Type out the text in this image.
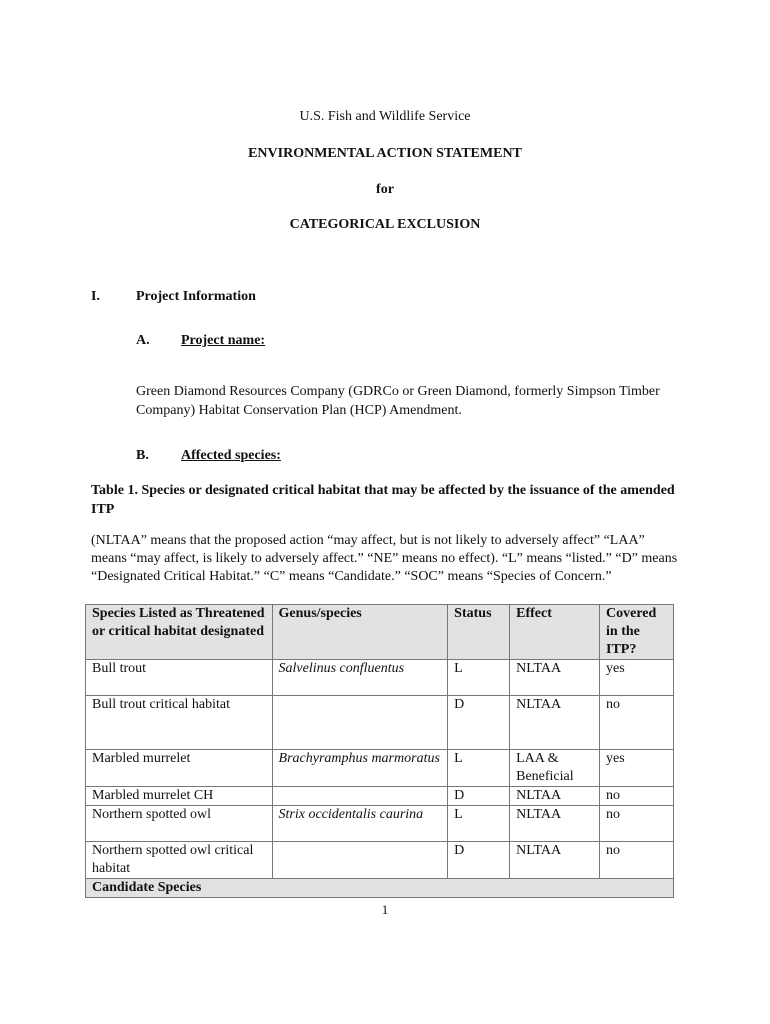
U.S. Fish and Wildlife Service
ENVIRONMENTAL ACTION STATEMENT
for
CATEGORICAL EXCLUSION
I.	Project Information
A. Project name:
Green Diamond Resources Company (GDRCo or Green Diamond, formerly Simpson Timber Company) Habitat Conservation Plan (HCP) Amendment.
B. Affected species:
Table 1. Species or designated critical habitat that may be affected by the issuance of the amended ITP
(NLTAA” means that the proposed action “may affect, but is not likely to adversely affect” “LAA” means “may affect, is likely to adversely affect.” “NE” means no effect). “L” means “listed.” “D” means “Designated Critical Habitat.” “C” means “Candidate.” “SOC” means “Species of Concern.”
Species Listed as Threatened or critical habitat designated	Genus/species	Status	Effect	Covered in the ITP?
Bull trout	Salvelinus confluentus	L	NLTAA	yes
Bull trout critical habitat		D	NLTAA	no
Marbled murrelet	Brachyramphus marmoratus	L	LAA & Beneficial	yes
Marbled murrelet CH		D	NLTAA	no
Northern spotted owl	Strix occidentalis caurina	L	NLTAA	no
Northern spotted owl critical habitat		D	NLTAA	no
Candidate Species				
1
